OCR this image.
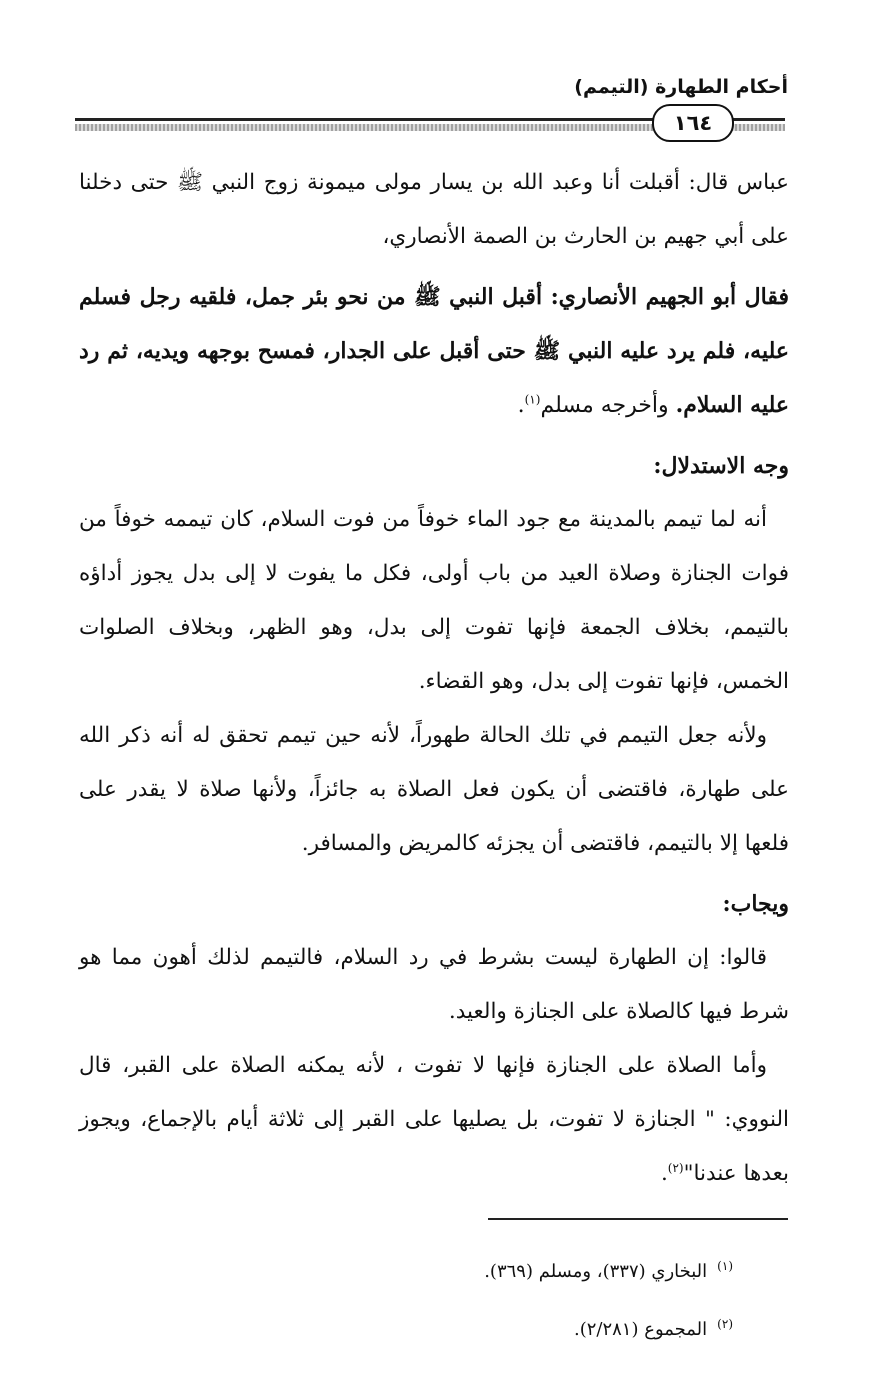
أحكام الطهارة (التيمم)
١٦٤

عباس قال: أقبلت أنا وعبد الله بن يسار مولى ميمونة زوج النبي ﷺ حتى دخلنا على أبي جهيم بن الحارث بن الصمة الأنصاري،

فقال أبو الجهيم الأنصاري: أقبل النبي ﷺ من نحو بئر جمل، فلقيه رجل فسلم عليه، فلم يرد عليه النبي ﷺ حتى أقبل على الجدار، فمسح بوجهه ويديه، ثم رد عليه السلام. وأخرجه مسلم$^{(١)}$.

وجه الاستدلال:

أنه لما تيمم بالمدينة مع جود الماء خوفاً من فوت السلام، كان تيممه خوفاً من فوات الجنازة وصلاة العيد من باب أولى، فكل ما يفوت لا إلى بدل يجوز أداؤه بالتيمم، بخلاف الجمعة فإنها تفوت إلى بدل، وهو الظهر، وبخلاف الصلوات الخمس، فإنها تفوت إلى بدل، وهو القضاء.

ولأنه جعل التيمم في تلك الحالة طهوراً، لأنه حين تيمم تحقق له أنه ذكر الله على طهارة، فاقتضى أن يكون فعل الصلاة به جائزاً، ولأنها صلاة لا يقدر على فلعها إلا بالتيمم، فاقتضى أن يجزئه كالمريض والمسافر.

ويجاب:

قالوا: إن الطهارة ليست بشرط في رد السلام، فالتيمم لذلك أهون مما هو شرط فيها كالصلاة على الجنازة والعيد.

وأما الصلاة على الجنازة فإنها لا تفوت ، لأنه يمكنه الصلاة على القبر، قال النووي: " الجنازة لا تفوت، بل يصليها على القبر إلى ثلاثة أيام بالإجماع، ويجوز بعدها عندنا"$^{(٢)}$.

$^{(١)}$البخاري (٣٣٧)، ومسلم (٣٦٩).

$^{(٢)}$المجموع (٢/٢٨١).
